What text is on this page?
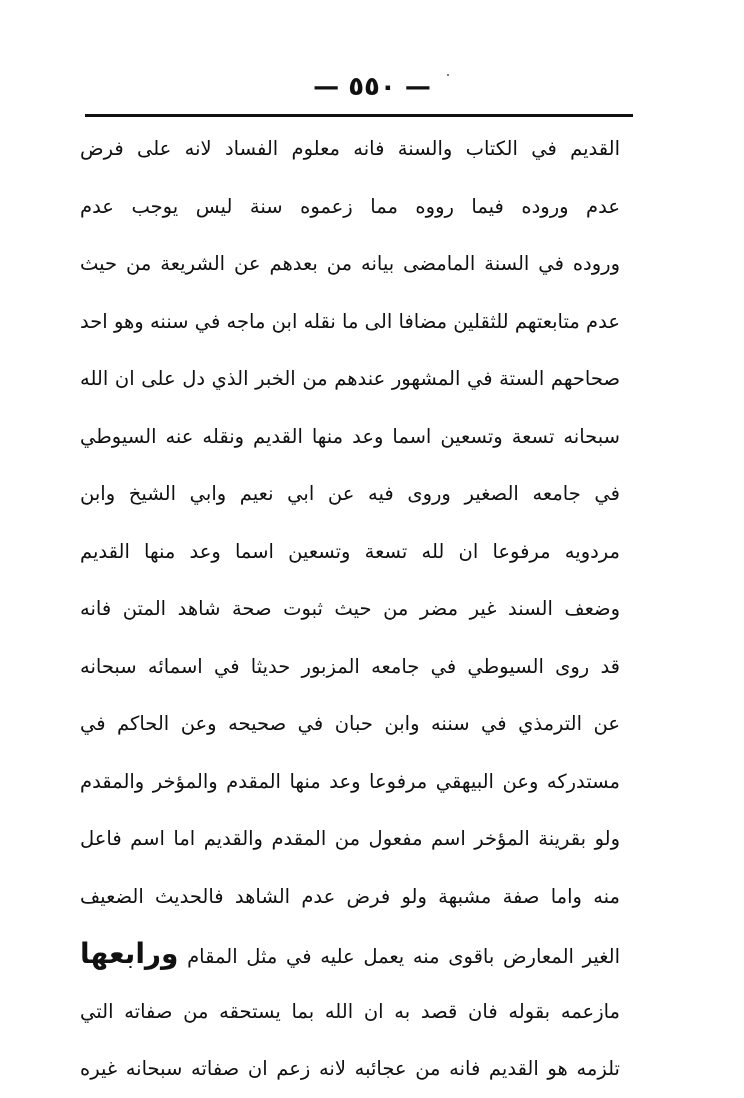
— ٥٥٠ —
القديم في الكتاب والسنة فانه معلوم الفساد لانه على فرض
عدم وروده فيما رووه مما زعموه سنة ليس يوجب عدم
وروده في السنة المامضى بيانه من بعدهم عن الشريعة من حيث
عدم متابعتهم للثقلين مضافا الى ما نقله ابن ماجه في سننه وهو احد
صحاحهم الستة في المشهور عندهم من الخبر الذي دل على ان الله
سبحانه تسعة وتسعين اسما وعد منها القديم ونقله عنه السيوطي
في جامعه الصغير وروى فيه عن ابي نعيم وابي الشيخ وابن
مردويه مرفوعا ان لله تسعة وتسعين اسما وعد منها القديم
وضعف السند غير مضر من حيث ثبوت صحة شاهد المتن فانه
قد روى السيوطي في جامعه المزبور حديثا في اسمائه سبحانه
عن الترمذي في سننه وابن حبان في صحيحه وعن الحاكم في
مستدركه وعن البيهقي مرفوعا وعد منها المقدم والمؤخر والمقدم
ولو بقرينة المؤخر اسم مفعول من المقدم والقديم اما اسم فاعل
منه واما صفة مشبهة ولو فرض عدم الشاهد فالحديث الضعيف
الغير المعارض باقوى منه يعمل عليه في مثل المقام ورابعها
مازعمه بقوله فان قصد به ان الله بما يستحقه من صفاته التي
تلزمه هو القديم فانه من عجائبه لانه زعم ان صفاته سبحانه غيره
